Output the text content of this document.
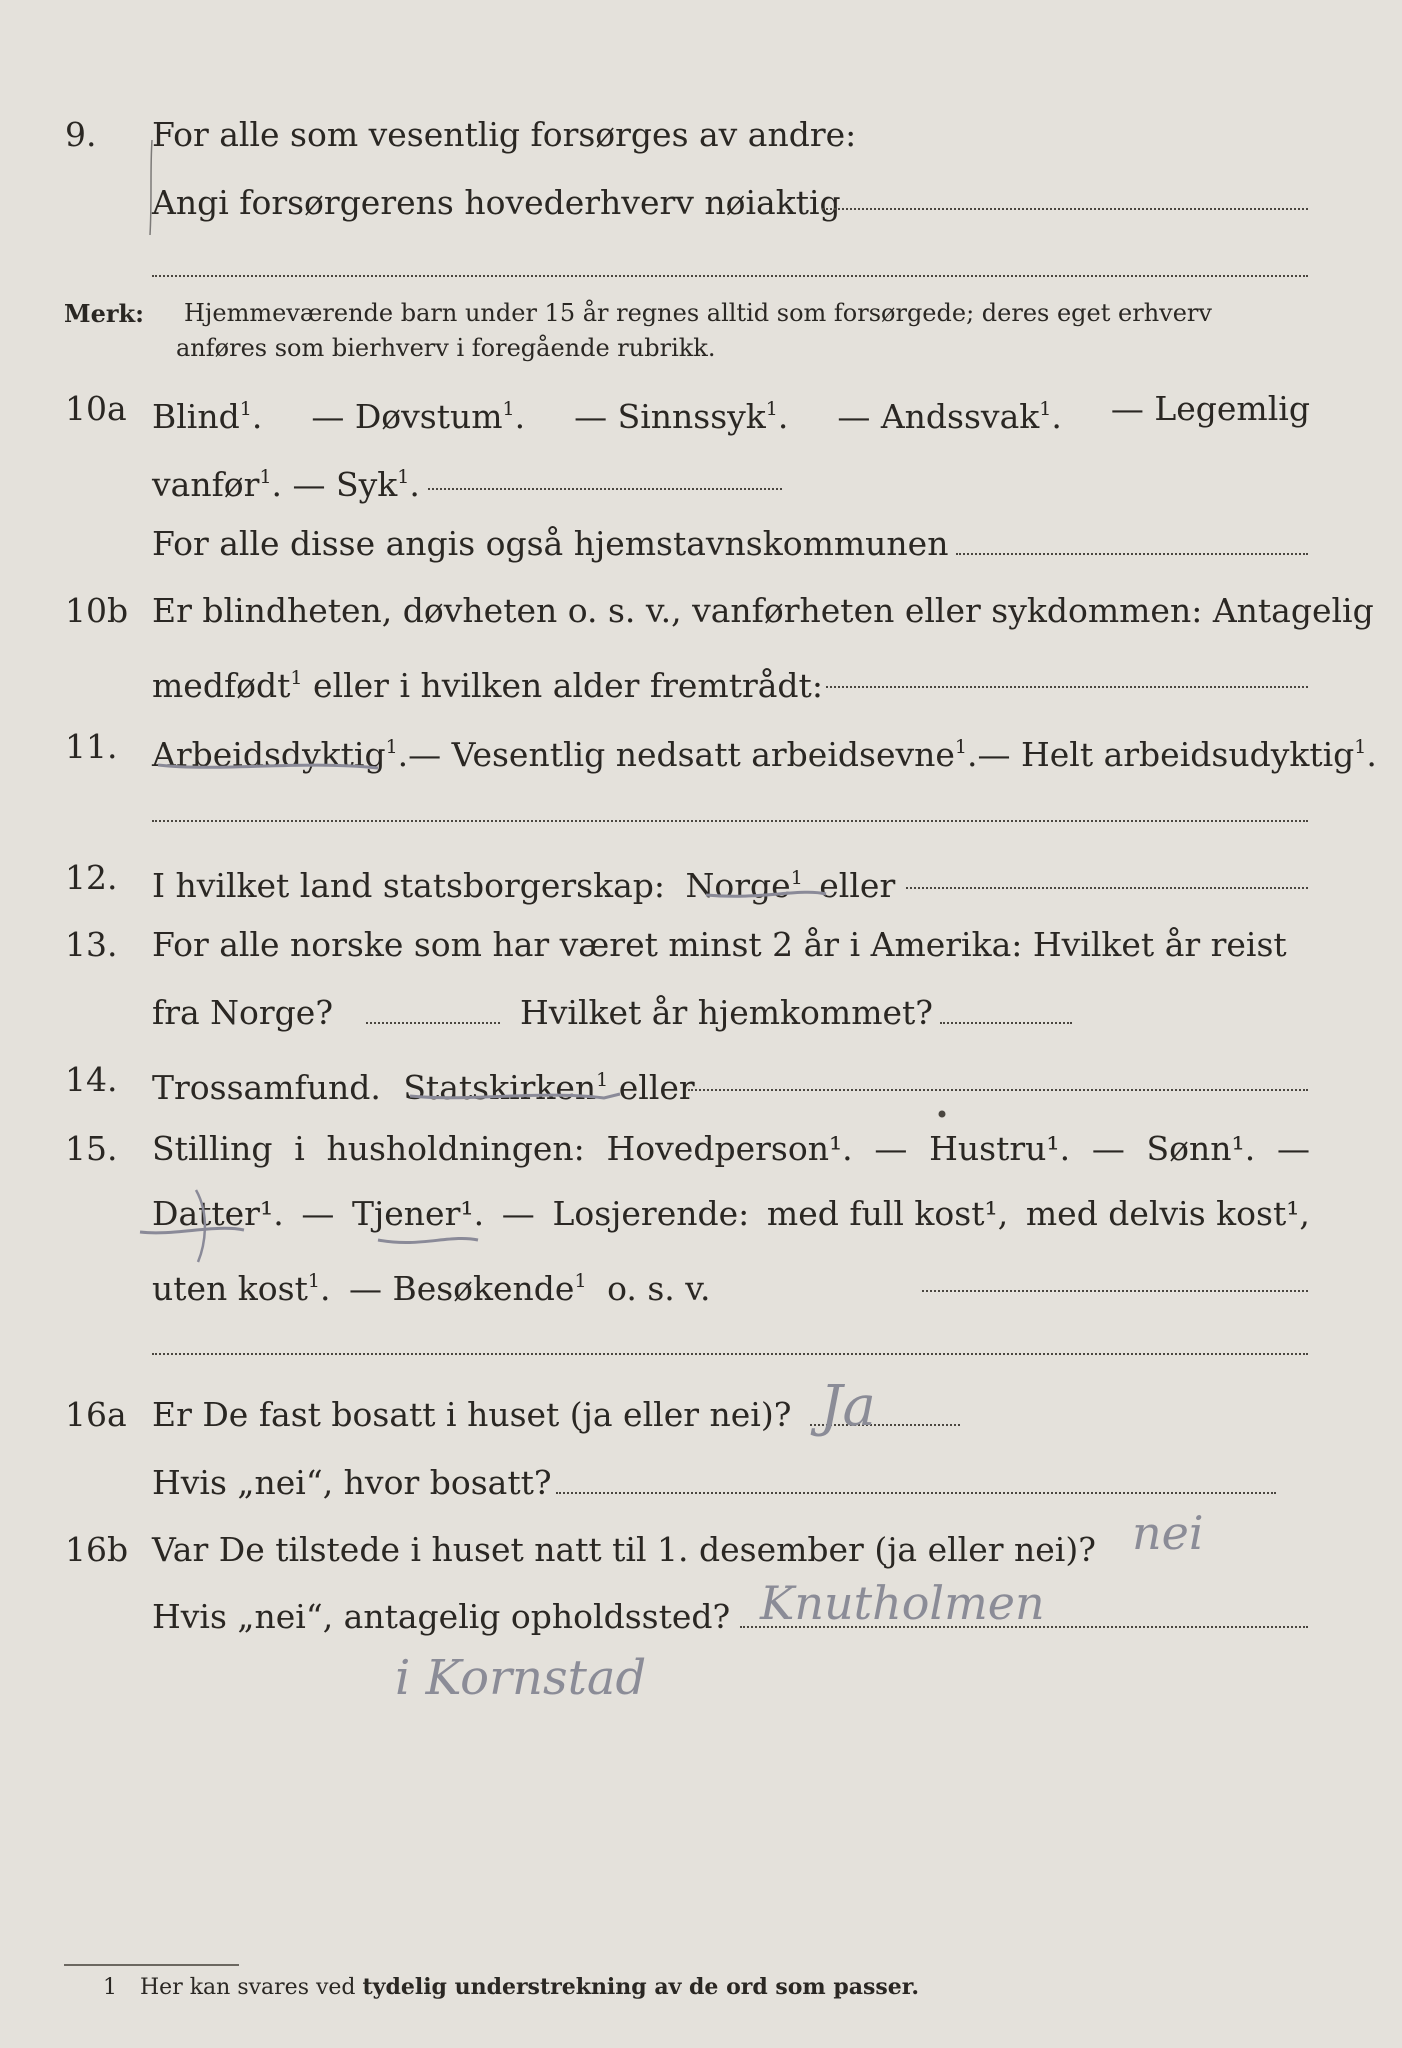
9. For alle som vesentlig forsørges av andre:
Angi forsørgerens hovederhverv nøiaktig
Merk: Hjemmeværende barn under 15 år regnes alltid som forsørgede; deres eget erhverv
anføres som bierhverv i foregående rubrikk.
10a Blind$^1$. — Døvstum$^1$. — Sinnssyk$^1$. — Andssvak$^1$. — Legemlig
vanfør$^1$. — Syk$^1$.
For alle disse angis også hjemstavnskommunen
10b Er blindheten, døvheten o. s. v., vanførheten eller sykdommen: Antagelig
medfødt$^1$ eller i hvilken alder fremtrådt:
11. Arbeidsdyktig$^1$. — Vesentlig nedsatt arbeidsevne$^1$. — Helt arbeidsudyktig$^1$.
12. I hvilket land statsborgerskap: Norge$^1$ eller
13. For alle norske som har været minst 2 år i Amerika: Hvilket år reist
fra Norge?	Hvilket år hjemkommet?
14. Trossamfund. Statskirken$^1$ eller
15. Stilling i husholdningen: Hovedperson¹. — Hustru¹. — Sønn¹. —
Datter¹. — Tjener¹. — Losjerende: med full kost¹, med delvis kost¹,
uten kost$^1$. — Besøkende$^1$ o. s. v.
16a Er De fast bosatt i huset (ja eller nei)? Ja
Hvis „nei“, hvor bosatt?
16b Var De tilstede i huset natt til 1. desember (ja eller nei)? nei
Hvis „nei“, antagelig opholdssted? Knutholmen
i Kornstad
1 Her kan svares ved tydelig understrekning av de ord som passer.
